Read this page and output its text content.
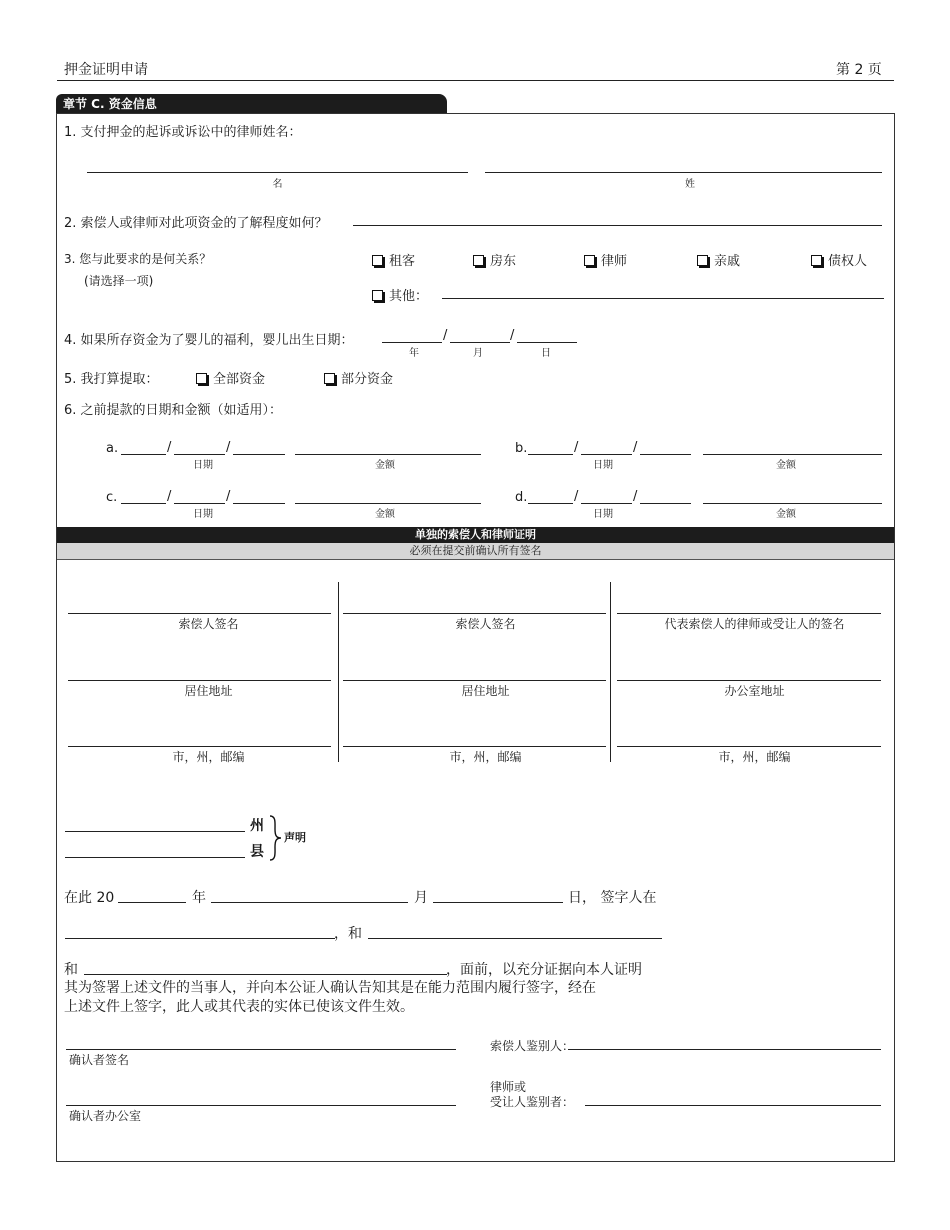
押金证明申请	第 2 页
章节 C. 资金信息
1. 支付押金的起诉或诉讼中的律师姓名：
名	姓
2. 索偿人或律师对此项资金的了解程度如何？
3. 您与此要求的是何关系？
(请选择一项)
租客	房东	律师	亲戚	债权人
其他：
4. 如果所存资金为了婴儿的福利，婴儿出生日期：	/	/
年	月	日
5. 我打算提取：	全部资金	部分资金
6. 之前提款的日期和金额（如适用）：
a.	/	/
日期	金额
b.	/	/
日期	金额
c.	/	/
日期	金额
d.	/	/
日期	金额
单独的索偿人和律师证明
必须在提交前确认所有签名
索偿人签名
居住地址
市，州，邮编
索偿人签名
居住地址
市，州，邮编
代表索偿人的律师或受让人的签名
办公室地址
市，州，邮编
州
县
声明
在此 20	年	月	日， 签字人在
，和
和	，面前，以充分证据向本人证明
其为签署上述文件的当事人，并向本公证人确认告知其是在能力范围内履行签字，经在
上述文件上签字，此人或其代表的实体已使该文件生效。
确认者签名
索偿人鉴别人：
确认者办公室
律师或
受让人鉴别者：
